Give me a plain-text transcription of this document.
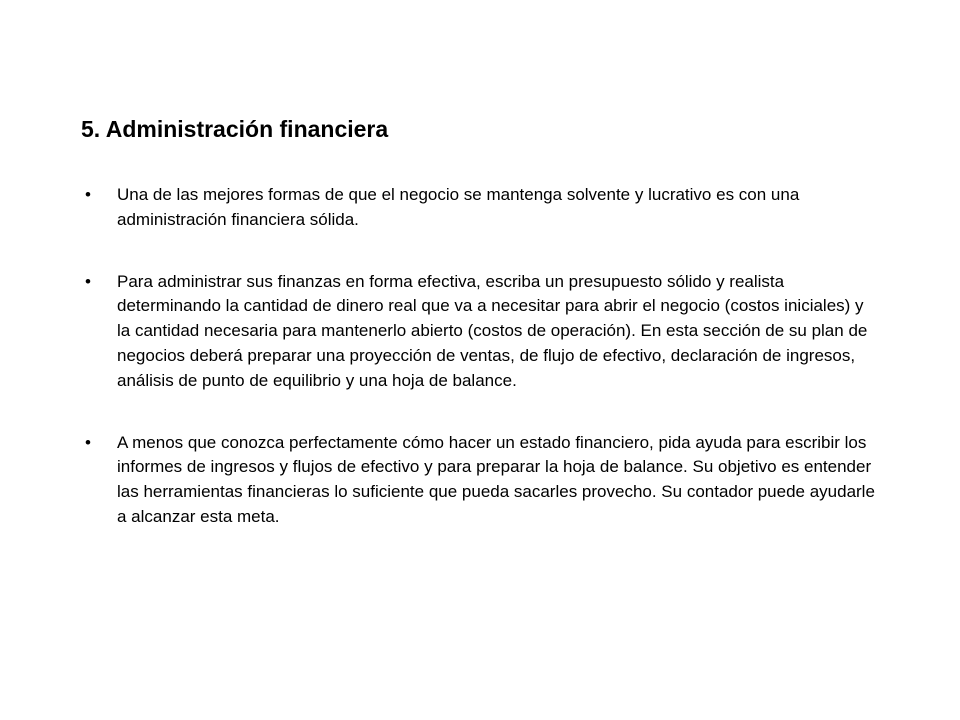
5. Administración financiera
• Una de las mejores formas de que el negocio se mantenga solvente y lucrativo es con una administración financiera sólida.
• Para administrar sus finanzas en forma efectiva, escriba un presupuesto sólido y realista determinando la cantidad de dinero real que va a necesitar para abrir el negocio (costos iniciales) y la cantidad necesaria para mantenerlo abierto (costos de operación). En esta sección de su plan de negocios deberá preparar una proyección de ventas, de flujo de efectivo, declaración de ingresos, análisis de punto de equilibrio y una hoja de balance.
• A menos que conozca perfectamente cómo hacer un estado financiero, pida ayuda para escribir los informes de ingresos y flujos de efectivo y para preparar la hoja de balance. Su objetivo es entender las herramientas financieras lo suficiente que pueda sacarles provecho. Su contador puede ayudarle a alcanzar esta meta.
